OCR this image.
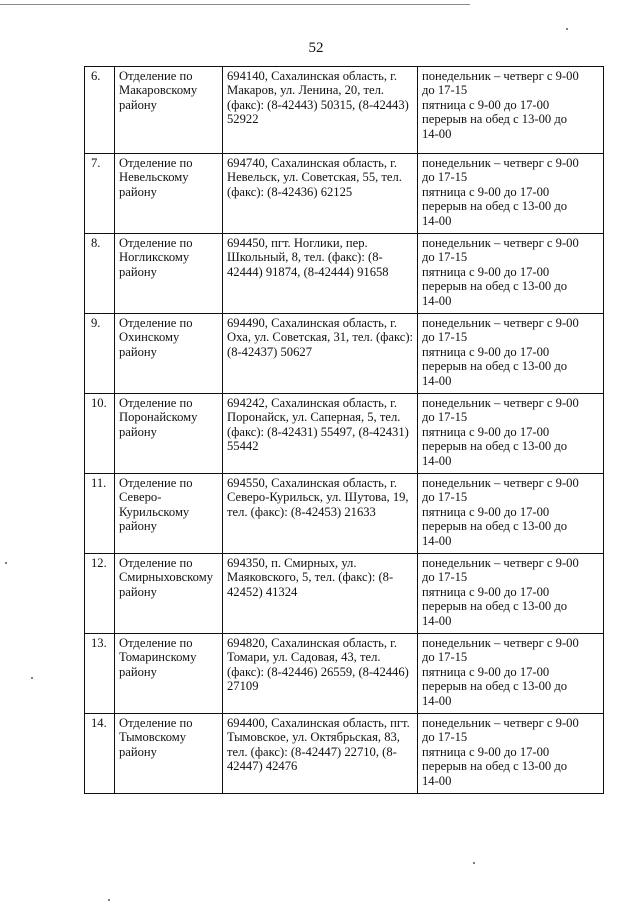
52
6.	Отделение по
Макаровскому
району	694140, Сахалинская область, г. Макаров, ул. Ленина, 20, тел. (факс): (8-42443) 50315, (8-42443) 52922	понедельник – четверг с 9-00
до 17-15
пятница с 9-00 до 17-00
перерыв на обед с 13-00 до
14-00

7.	Отделение по
Невельскому
району	694740, Сахалинская область, г. Невельск, ул. Советская, 55, тел. (факс): (8-42436) 62125	понедельник – четверг с 9-00
до 17-15
пятница с 9-00 до 17-00
перерыв на обед с 13-00 до
14-00

8.	Отделение по
Ногликскому
району	694450, пгт. Ноглики, пер. Школьный, 8, тел. (факс): (8-42444) 91874, (8-42444) 91658	понедельник – четверг с 9-00
до 17-15
пятница с 9-00 до 17-00
перерыв на обед с 13-00 до
14-00

9.	Отделение по
Охинскому
району	694490, Сахалинская область, г. Оха, ул. Советская, 31, тел. (факс): (8-42437) 50627	понедельник – четверг с 9-00
до 17-15
пятница с 9-00 до 17-00
перерыв на обед с 13-00 до
14-00

10.	Отделение по
Поронайскому
району	694242, Сахалинская область, г. Поронайск, ул. Саперная, 5, тел. (факс): (8-42431) 55497, (8-42431) 55442	понедельник – четверг с 9-00
до 17-15
пятница с 9-00 до 17-00
перерыв на обед с 13-00 до
14-00

11.	Отделение по
Северо-
Курильскому
району	694550, Сахалинская область, г. Северо-Курильск, ул. Шутова, 19, тел. (факс): (8-42453) 21633	понедельник – четверг с 9-00
до 17-15
пятница с 9-00 до 17-00
перерыв на обед с 13-00 до
14-00

12.	Отделение по
Смирныховскому
району	694350, п. Смирных, ул. Маяковского, 5, тел. (факс): (8-42452) 41324	понедельник – четверг с 9-00
до 17-15
пятница с 9-00 до 17-00
перерыв на обед с 13-00 до
14-00

13.	Отделение по
Томаринскому
району	694820, Сахалинская область, г. Томари, ул. Садовая, 43, тел. (факс): (8-42446) 26559, (8-42446) 27109	понедельник – четверг с 9-00
до 17-15
пятница с 9-00 до 17-00
перерыв на обед с 13-00 до
14-00

14.	Отделение по
Тымовскому
району	694400, Сахалинская область, пгт. Тымовское, ул. Октябрьская, 83, тел. (факс): (8-42447) 22710, (8-42447) 42476	понедельник – четверг с 9-00
до 17-15
пятница с 9-00 до 17-00
перерыв на обед с 13-00 до
14-00
